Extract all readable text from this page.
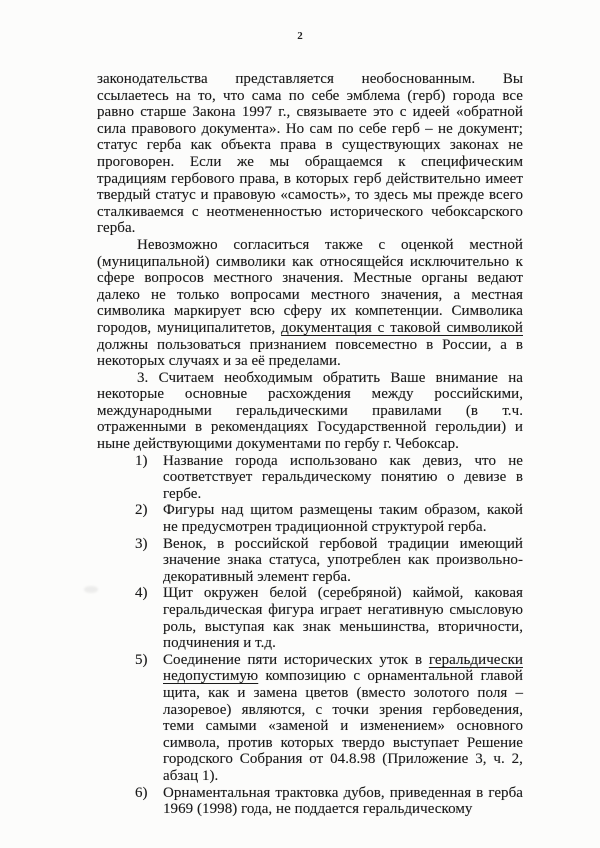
2

законодательства представляется необоснованным. Вы ссылаетесь на то, что сама по себе эмблема (герб) города все равно старше Закона 1997 г., связываете это с идеей «обратной сила правового документа». Но сам по себе герб – не документ; статус герба как объекта права в существующих законах не проговорен. Если же мы обращаемся к специфическим традициям гербового права, в которых герб действительно имеет твердый статус и правовую «самость», то здесь мы прежде всего сталкиваемся с неотмененностью исторического чебоксарского герба.

Невозможно согласиться также с оценкой местной (муниципальной) символики как относящейся исключительно к сфере вопросов местного значения. Местные органы ведают далеко не только вопросами местного значения, а местная символика маркирует всю сферу их компетенции. Символика городов, муниципалитетов, документация с таковой символикой должны пользоваться признанием повсеместно в России, а в некоторых случаях и за её пределами.

3. Считаем необходимым обратить Ваше внимание на некоторые основные расхождения между российскими, международными геральдическими правилами (в т.ч. отраженными в рекомендациях Государственной герольдии) и ныне действующими документами по гербу г. Чебоксар.

1) Название города использовано как девиз, что не соответствует геральдическому понятию о девизе в гербе.
2) Фигуры над щитом размещены таким образом, какой не предусмотрен традиционной структурой герба.
3) Венок, в российской гербовой традиции имеющий значение знака статуса, употреблен как произвольно-декоративный элемент герба.
4) Щит окружен белой (серебряной) каймой, каковая геральдическая фигура играет негативную смысловую роль, выступая как знак меньшинства, вторичности, подчинения и т.д.
5) Соединение пяти исторических уток в геральдически недопустимую композицию с орнаментальной главой щита, как и замена цветов (вместо золотого поля – лазоревое) являются, с точки зрения гербоведения, теми самыми «заменой и изменением» основного символа, против которых твердо выступает Решение городского Собрания от 04.8.98 (Приложение 3, ч. 2, абзац 1).
6) Орнаментальная трактовка дубов, приведенная в герба 1969 (1998) года, не поддается геральдическому
